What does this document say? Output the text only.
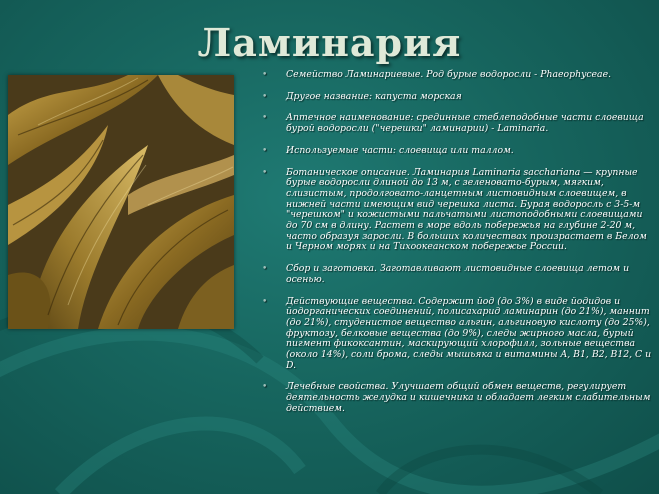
Ламинария
• Семейство Ламинариевые. Род бурые водоросли - Phaeophyceae.
• Другое название: капуста морская
• Аптечное наименование: срединные стеблеподобные части слоевища бурой водоросли ("черешки" ламинарии) - Laminaria.
• Используемые части: слоевища или таллом.
• Ботаническое описание. Ламинария Laminaria sacchariana — крупные бурые водоросли длиной до 13 м, с зеленовато-бурым, мягким, слизистым, продолговато-ланцетным листовидным слоевищем, в нижней части имеющим вид черешка листа. Бурая водоросль с 3-5-м "черешком" и кожистыми пальчатыми листоподобными слоевищами до 70 см в длину. Растет в море вдоль побережья на глубине 2-20 м, часто образуя заросли. В больших количествах произрастает в Белом и Черном морях и на Тихоокеанском побережье России.
• Сбор и заготовка. Заготавливают листовидные слоевища летом и осенью.
• Действующие вещества. Содержит йод (до 3%) в виде йодидов и йодорганических соединений, полисахарид ламинарин (до 21%), маннит (до 21%), студенистое вещество альгин, альгиновую кислоту (до 25%), фруктозу, белковые вещества (до 9%), следы жирного масла, бурый пигмент фикоксантин, маскирующий хлорофилл, зольные вещества (около 14%), соли брома, следы мышьяка и витамины A, B1, B2, B12, C и D.
• Лечебные свойства. Улучшает общий обмен веществ, регулирует деятельность желудка и кишечника и обладает легким слабительным действием.
